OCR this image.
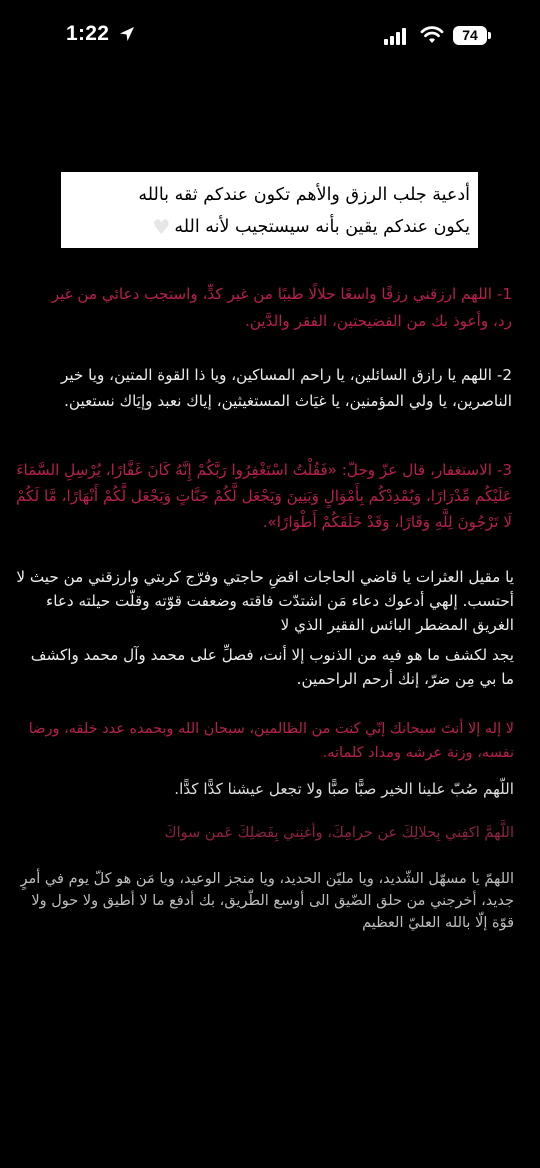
1:22	74
أدعية جلب الرزق والأهم تكون عندكم ثقه بالله
يكون عندكم يقين بأنه سيستجيب لأنه الله♥
1- اللهم ارزقني رزقًا واسعًا حلالًا طيبًا من غير كدٍّ، واستجب دعائي من غير رد، وأعوذ بك من الفضيحتين، الفقر والدَّين.
2- اللهم يا رازق السائلين، يا راحم المساكين، ويا ذا القوة المتين، ويا خير الناصرين، يا ولي المؤمنين، يا غيَاث المستغيثين، إياك نعبد وإيَاك نستعين.
3- الاستغفار، قال عزّ وجلّ: «فَقُلْتُ اسْتَغْفِرُوا رَبَّكُمْ إِنَّهُ كَانَ غَفَّارًا، يُرْسِلِ السَّمَاءَ عَلَيْكُم مِّدْرَارًا، وَيُمْدِدْكُم بِأَمْوَالٍ وَبَنِينَ وَيَجْعَل لَّكُمْ جَنَّاتٍ وَيَجْعَل لَّكُمْ أَنْهَارًا، مَّا لَكُمْ لَا تَرْجُونَ لِلَّهِ وَقَارًا، وَقَدْ خَلَقَكُمْ أَطْوَارًا».
يا مقيل العثرات يا قاضي الحاجات اقضِ حاجتي وفرّج كربتي وارزقني من حيث لا أحتسب. إلهي أدعوك دعاء مَن اشتدّت فاقته وضعفت قوّته وقلّت حيلته دعاء الغريق المضطر البائس الفقير الذي لا
يجد لكشف ما هو فيه من الذنوب إلا أنت، فصلِّ على محمد وآل محمد واكشف ما بي مِن ضرّ، إنك أرحم الراحمين.
لا إله إلا أنتَ سبحانك إنّي كنت من الظالمين، سبحان الله وبحمده عدد خلقه، ورضا نفسه، وزنة عرشه ومداد كلماته.
اللّهم صُبّ علينا الخير صبًّا صبًّا ولا تجعل عيشنا كدًّا كدًّا.
اللَّهمَّ اكفِني بِحلالِكَ عن حرامِكَ، وأغنِني بِفَضلِكَ عَمن سواكَ
اللهمّ يا مسهّل الشّديد، ويا مليّن الحديد، ويا منجز الوعيد، ويا مَن هو كلّ يوم في أمرٍ جديد، أخرجني من حلق الضّيق الى أوسع الطّريق، بك أدفع ما لا أطيق ولا حول ولا قوّة إلّا بالله العليّ العظيم
